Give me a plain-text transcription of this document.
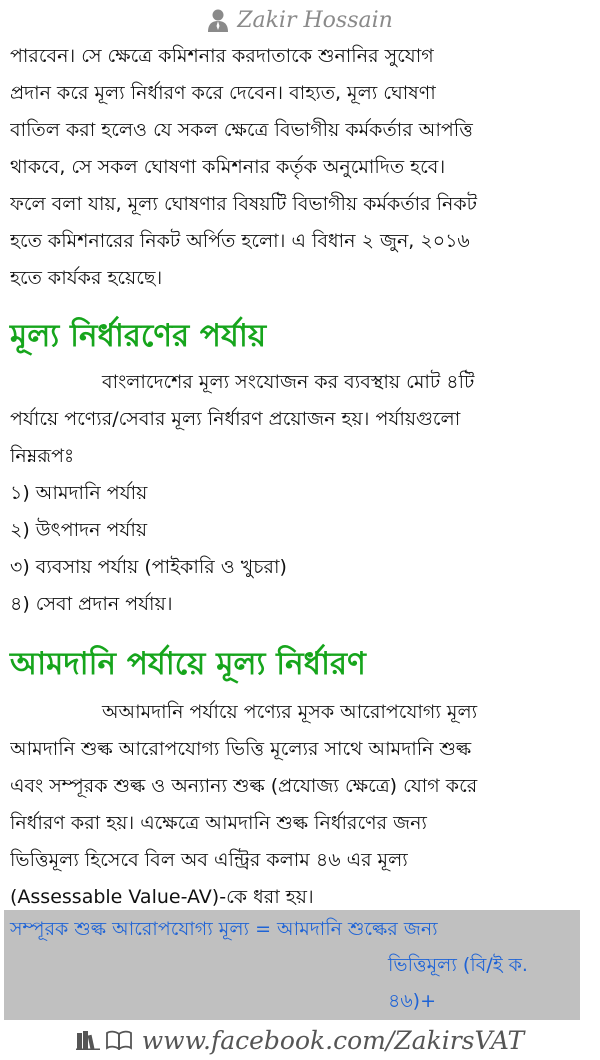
Zakir Hossain
পারবেন। সে ক্ষেত্রে কমিশনার করদাতাকে শুনানির সুযোগ
প্রদান করে মূল্য নির্ধারণ করে দেবেন। বাহ্যত, মূল্য ঘোষণা
বাতিল করা হলেও যে সকল ক্ষেত্রে বিভাগীয় কর্মকর্তার আপত্তি
থাকবে, সে সকল ঘোষণা কমিশনার কর্তৃক অনুমোদিত হবে।
ফলে বলা যায়, মূল্য ঘোষণার বিষয়টি বিভাগীয় কর্মকর্তার নিকট
হতে কমিশনারের নিকট অর্পিত হলো। এ বিধান ২ জুন, ২০১৬
হতে কার্যকর হয়েছে।
মূল্য নির্ধারণের পর্যায়
বাংলাদেশের মূল্য সংযোজন কর ব্যবস্থায় মোট ৪টি
পর্যায়ে পণ্যের/সেবার মূল্য নির্ধারণ প্রয়োজন হয়। পর্যায়গুলো
নিম্নরূপঃ
১) আমদানি পর্যায়
২) উৎপাদন পর্যায়
৩) ব্যবসায় পর্যায় (পাইকারি ও খুচরা)
৪) সেবা প্রদান পর্যায়।
আমদানি পর্যায়ে মূল্য নির্ধারণ
অআমদানি পর্যায়ে পণ্যের মূসক আরোপযোগ্য মূল্য
আমদানি শুল্ক আরোপযোগ্য ভিত্তি মূল্যের সাথে আমদানি শুল্ক
এবং সম্পূরক শুল্ক ও অন্যান্য শুল্ক (প্রযোজ্য ক্ষেত্রে) যোগ করে
নির্ধারণ করা হয়। এক্ষেত্রে আমদানি শুল্ক নির্ধারণের জন্য
ভিত্তিমূল্য হিসেবে বিল অব এন্ট্রির কলাম ৪৬ এর মূল্য
(Assessable Value-AV)-কে ধরা হয়।
সম্পূরক শুল্ক আরোপযোগ্য মূল্য = আমদানি শুল্কের জন্য
ভিত্তিমূল্য (বি/ই ক.
৪৬)+
www.facebook.com/ZakirsVAT
